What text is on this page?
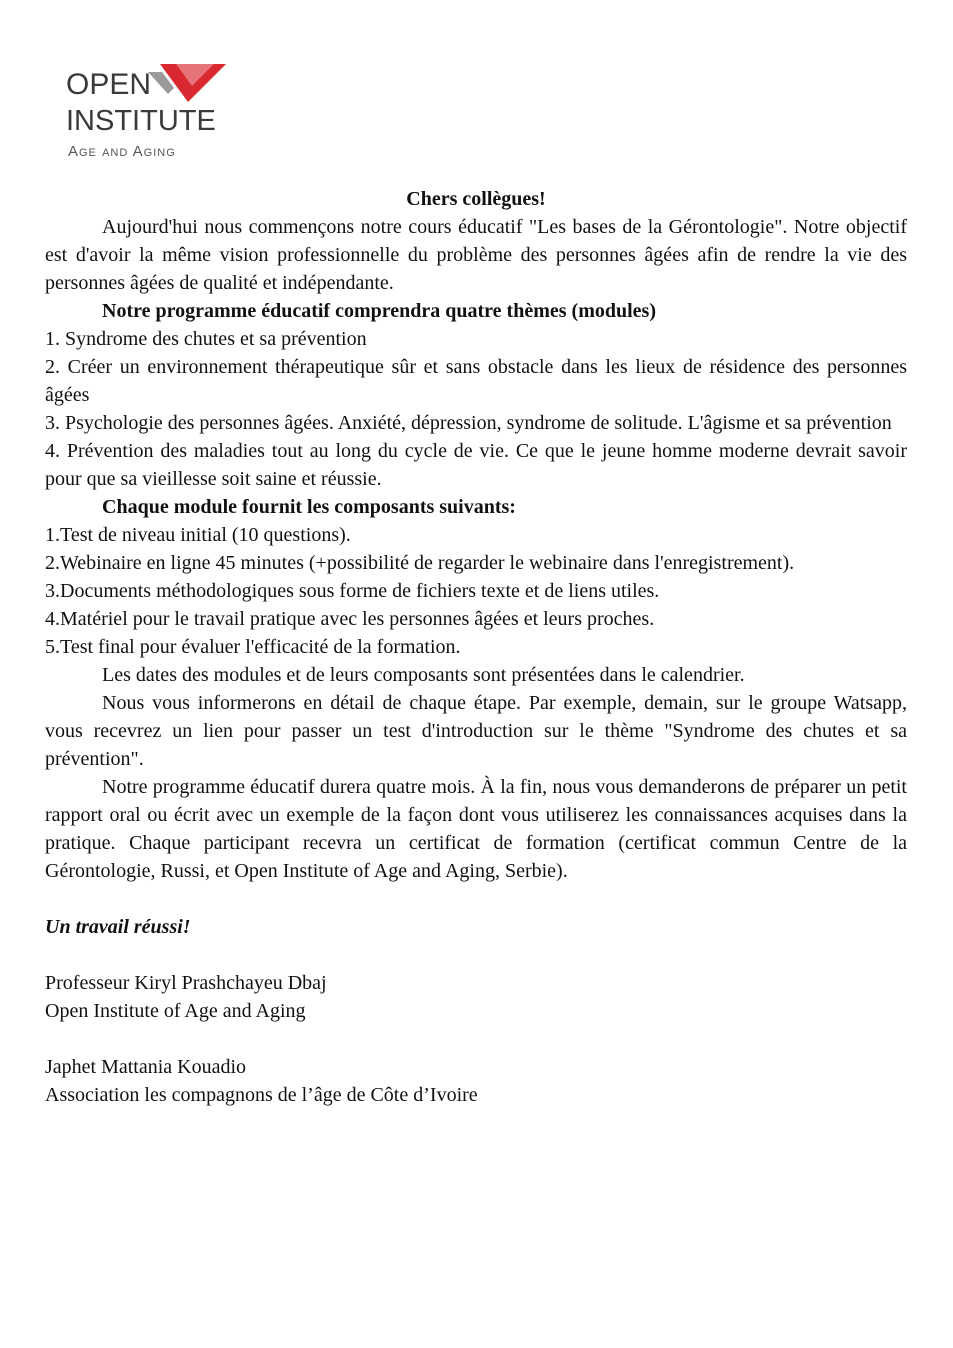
OPEN
INSTITUTE
Age and Aging

Chers collègues!

Aujourd'hui nous commençons notre cours éducatif "Les bases de la Gérontologie". Notre objectif est d'avoir la même vision professionnelle du problème des personnes âgées afin de rendre la vie des personnes âgées de qualité et indépendante.

Notre programme éducatif comprendra quatre thèmes (modules)

1. Syndrome des chutes et sa prévention

2. Créer un environnement thérapeutique sûr et sans obstacle dans les lieux de résidence des personnes âgées

3. Psychologie des personnes âgées. Anxiété, dépression, syndrome de solitude. L'âgisme et sa prévention

4. Prévention des maladies tout au long du cycle de vie. Ce que le jeune homme moderne devrait savoir pour que sa vieillesse soit saine et réussie.

Chaque module fournit les composants suivants:

1.Test de niveau initial (10 questions).

2.Webinaire en ligne 45 minutes (+possibilité de regarder le webinaire dans l'enregistrement).

3.Documents méthodologiques sous forme de fichiers texte et de liens utiles.

4.Matériel pour le travail pratique avec les personnes âgées et leurs proches.

5.Test final pour évaluer l'efficacité de la formation.

Les dates des modules et de leurs composants sont présentées dans le calendrier.

Nous vous informerons en détail de chaque étape. Par exemple, demain, sur le groupe Watsapp, vous recevrez un lien pour passer un test d'introduction sur le thème "Syndrome des chutes et sa prévention".

Notre programme éducatif durera quatre mois. À la fin, nous vous demanderons de préparer un petit rapport oral ou écrit avec un exemple de la façon dont vous utiliserez les connaissances acquises dans la pratique. Chaque participant recevra un certificat de formation (certificat commun Centre de la Gérontologie, Russi, et Open Institute of Age and Aging, Serbie).

Un travail réussi!

Professeur Kiryl Prashchayeu Dbaj

Open Institute of Age and Aging

Japhet Mattania Kouadio

Association les compagnons de l’âge de Côte d’Ivoire
